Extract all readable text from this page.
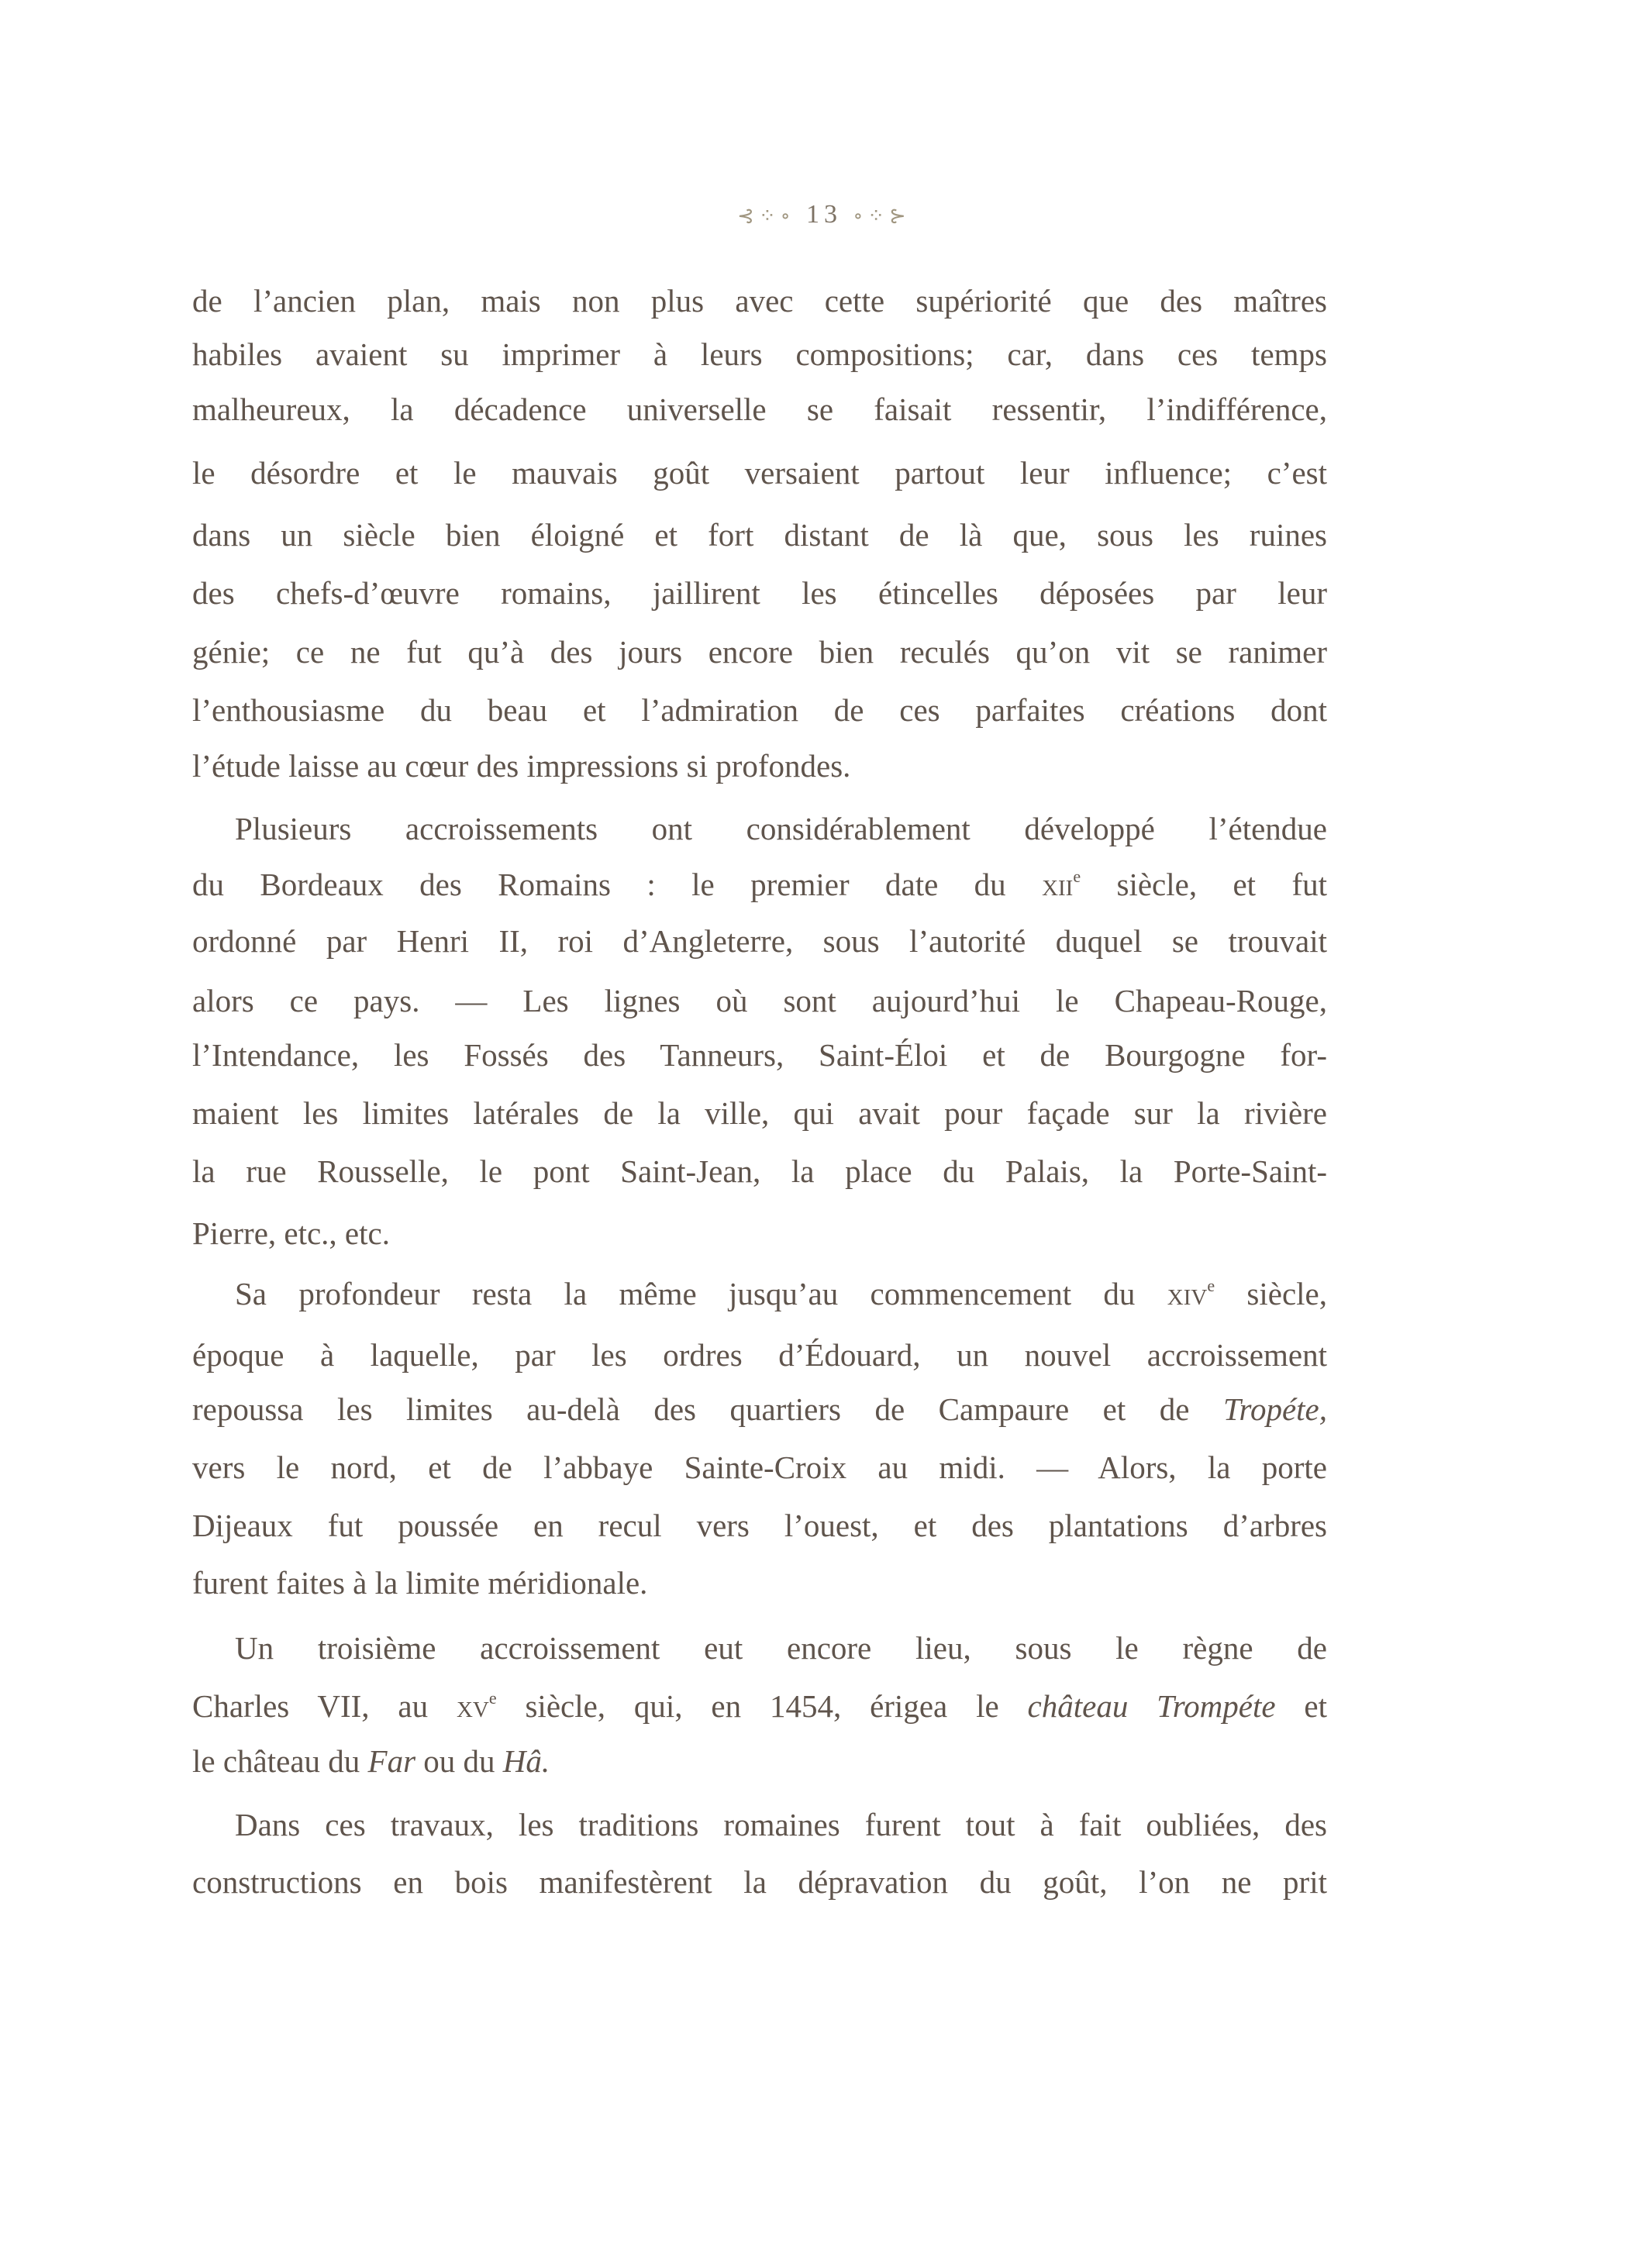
⊰⁘∘ 13 ∘⁘⊱
de l’ancien plan, mais non plus avec cette supériorité que des maîtres
habiles avaient su imprimer à leurs compositions; car, dans ces temps
malheureux, la décadence universelle se faisait ressentir, l’indifférence,
le désordre et le mauvais goût versaient partout leur influence; c’est
dans un siècle bien éloigné et fort distant de là que, sous les ruines
des chefs-d’œuvre romains, jaillirent les étincelles déposées par leur
génie; ce ne fut qu’à des jours encore bien reculés qu’on vit se ranimer
l’enthousiasme du beau et l’admiration de ces parfaites créations dont
l’étude laisse au cœur des impressions si profondes.
Plusieurs accroissements ont considérablement développé l’étendue
du Bordeaux des Romains : le premier date du xii$^e$ siècle, et fut
ordonné par Henri II, roi d’Angleterre, sous l’autorité duquel se trouvait
alors ce pays. — Les lignes où sont aujourd’hui le Chapeau-Rouge,
l’Intendance, les Fossés des Tanneurs, Saint-Éloi et de Bourgogne for-
maient les limites latérales de la ville, qui avait pour façade sur la rivière
la rue Rousselle, le pont Saint-Jean, la place du Palais, la Porte-Saint-
Pierre, etc., etc.
Sa profondeur resta la même jusqu’au commencement du xiv$^e$ siècle,
époque à laquelle, par les ordres d’Édouard, un nouvel accroissement
repoussa les limites au-delà des quartiers de Campaure et de Tropéte,
vers le nord, et de l’abbaye Sainte-Croix au midi. — Alors, la porte
Dijeaux fut poussée en recul vers l’ouest, et des plantations d’arbres
furent faites à la limite méridionale.
Un troisième accroissement eut encore lieu, sous le règne de
Charles VII, au $xv^e$ siècle, qui, en 1454, érigea le château Trompéte et
le château du Far ou du Hâ.
Dans ces travaux, les traditions romaines furent tout à fait oubliées, des
constructions en bois manifestèrent la dépravation du goût, l’on ne prit
